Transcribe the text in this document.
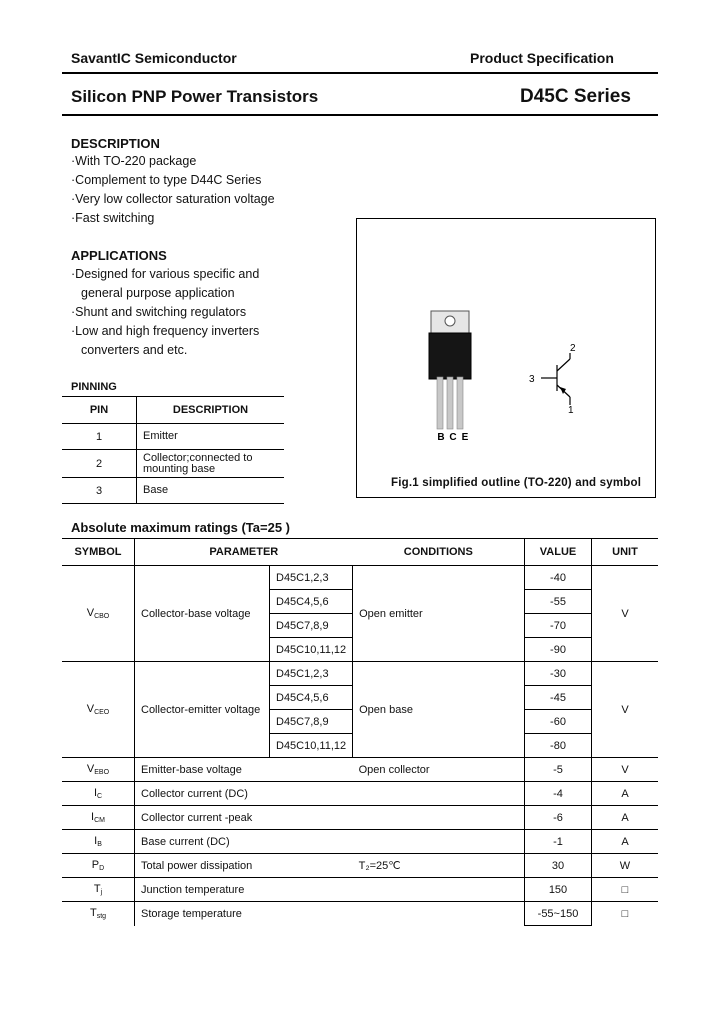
SavantIC Semiconductor	Product Specification
Silicon PNP Power Transistors	D45C Series
DESCRIPTION
·With TO-220 package
·Complement to type D44C Series
·Very low collector saturation voltage
·Fast switching
APPLICATIONS
·Designed for various specific and
general purpose application
·Shunt and switching regulators
·Low and high frequency inverters
converters and etc.
B C E
2
3
1
Fig.1 simplified outline (TO-220) and symbol
PINNING
PIN	DESCRIPTION
1	Emitter
2	Collector;connected to mounting base
3	Base
Absolute maximum ratings (Ta=25 )
SYMBOL	PARAMETER		CONDITIONS	VALUE	UNIT
VCBO	Collector-base voltage	D45C1,2,3	Open emitter	-40	V
		D45C4,5,6		-55	
		D45C7,8,9		-70	
		D45C10,11,12		-90	
VCEO	Collector-emitter voltage	D45C1,2,3	Open base	-30	V
		D45C4,5,6		-45	
		D45C7,8,9		-60	
		D45C10,11,12		-80	
VEBO	Emitter-base voltage		Open collector	-5	V
IC	Collector current (DC)			-4	A
ICM	Collector current -peak			-6	A
IB	Base current (DC)			-1	A
PD	Total power dissipation		T₂=25℃	30	W
Tj	Junction temperature			150	□
Tstg	Storage temperature			-55~150	□
